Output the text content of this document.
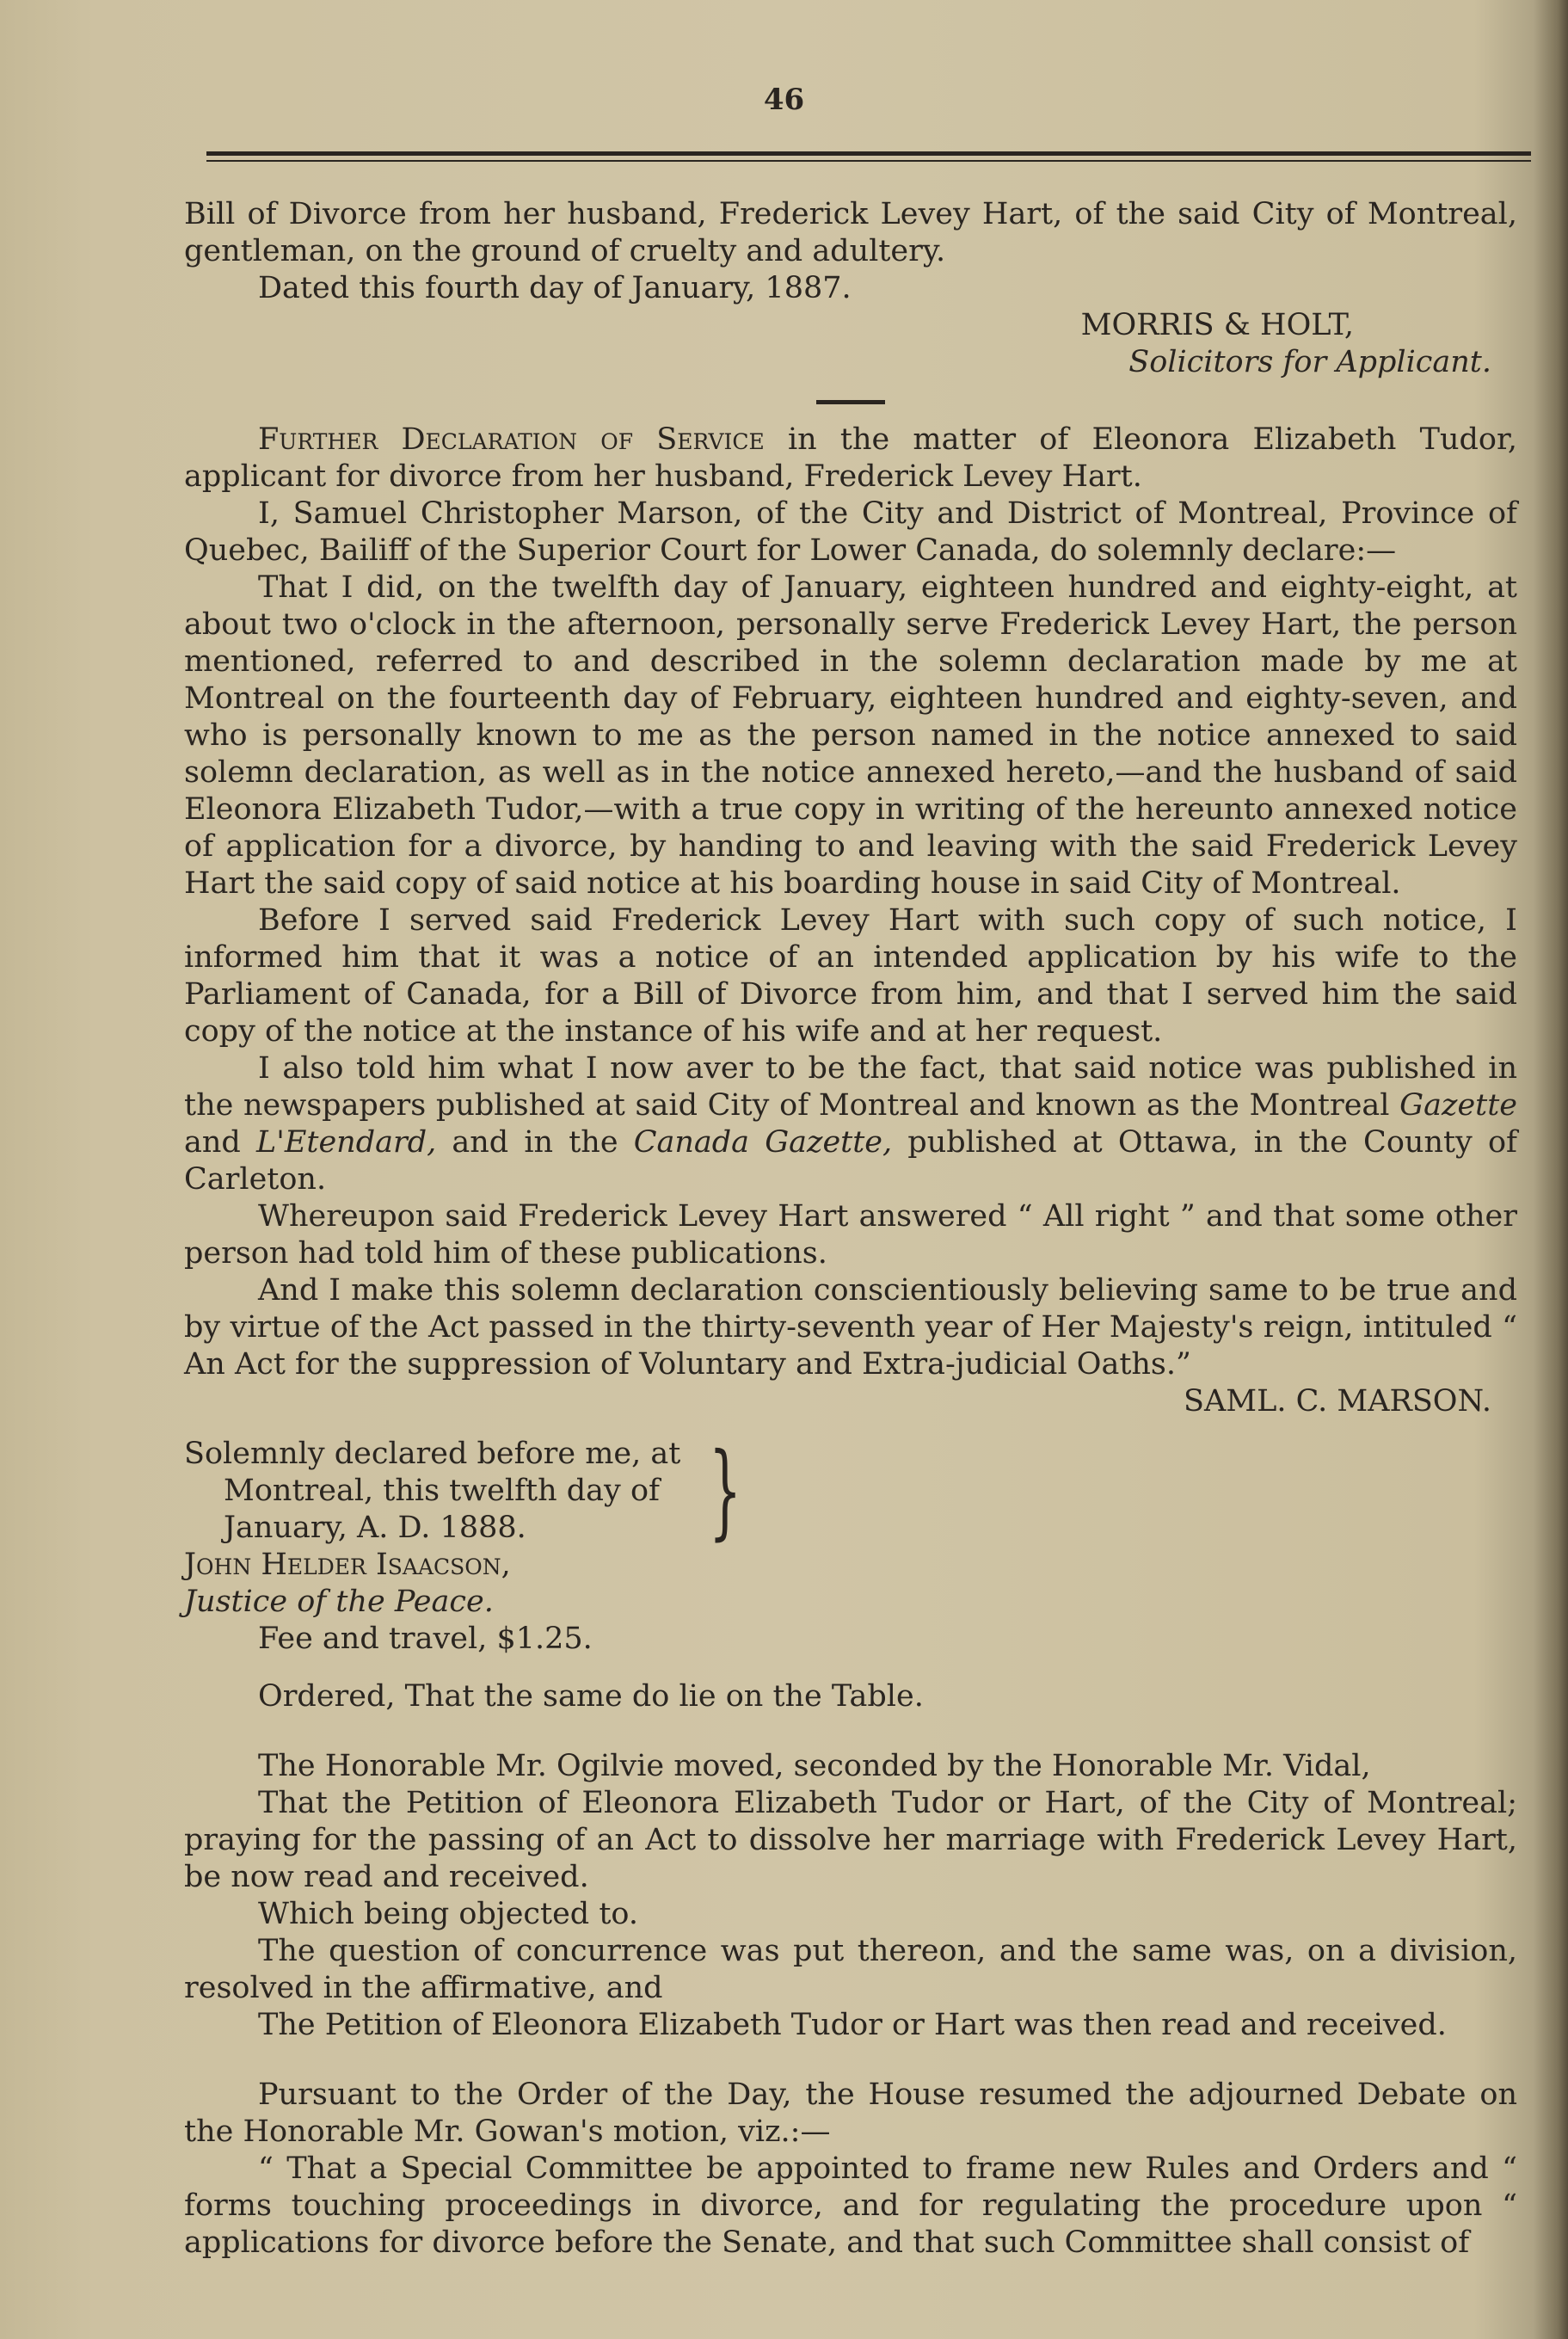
46

Bill of Divorce from her husband, Frederick Levey Hart, of the said City of Montreal, gentleman, on the ground of cruelty and adultery.

Dated this fourth day of January, 1887.

MORRIS & HOLT,

Solicitors for Applicant.

Further Declaration of Service in the matter of Eleonora Elizabeth Tudor, applicant for divorce from her husband, Frederick Levey Hart.

I, Samuel Christopher Marson, of the City and District of Montreal, Province of Quebec, Bailiff of the Superior Court for Lower Canada, do solemnly declare:—

That I did, on the twelfth day of January, eighteen hundred and eighty-eight, at about two o'clock in the afternoon, personally serve Frederick Levey Hart, the person mentioned, referred to and described in the solemn declaration made by me at Montreal on the fourteenth day of February, eighteen hundred and eighty-seven, and who is personally known to me as the person named in the notice annexed to said solemn declaration, as well as in the notice annexed hereto,—and the husband of said Eleonora Elizabeth Tudor,—with a true copy in writing of the hereunto annexed notice of application for a divorce, by handing to and leaving with the said Frederick Levey Hart the said copy of said notice at his boarding house in said City of Montreal.

Before I served said Frederick Levey Hart with such copy of such notice, I informed him that it was a notice of an intended application by his wife to the Parliament of Canada, for a Bill of Divorce from him, and that I served him the said copy of the notice at the instance of his wife and at her request.

I also told him what I now aver to be the fact, that said notice was published in the newspapers published at said City of Montreal and known as the Montreal Gazette and L'Etendard, and in the Canada Gazette, published at Ottawa, in the County of Carleton.

Whereupon said Frederick Levey Hart answered “ All right ” and that some other person had told him of these publications.

And I make this solemn declaration conscientiously believing same to be true and by virtue of the Act passed in the thirty-seventh year of Her Majesty's reign, intituled “ An Act for the suppression of Voluntary and Extra-judicial Oaths.”

SAML. C. MARSON.

Solemnly declared before me, at

Montreal, this twelfth day of

January, A. D. 1888.	}

John Helder Isaacson,

Justice of the Peace.

Fee and travel, $1.25.

Ordered, That the same do lie on the Table.

The Honorable Mr. Ogilvie moved, seconded by the Honorable Mr. Vidal,

That the Petition of Eleonora Elizabeth Tudor or Hart, of the City of Montreal; praying for the passing of an Act to dissolve her marriage with Frederick Levey Hart, be now read and received.

Which being objected to.

The question of concurrence was put thereon, and the same was, on a division, resolved in the affirmative, and

The Petition of Eleonora Elizabeth Tudor or Hart was then read and received.

Pursuant to the Order of the Day, the House resumed the adjourned Debate on the Honorable Mr. Gowan's motion, viz.:—

“ That a Special Committee be appointed to frame new Rules and Orders and “ forms touching proceedings in divorce, and for regulating the procedure upon “ applications for divorce before the Senate, and that such Committee shall consist of
